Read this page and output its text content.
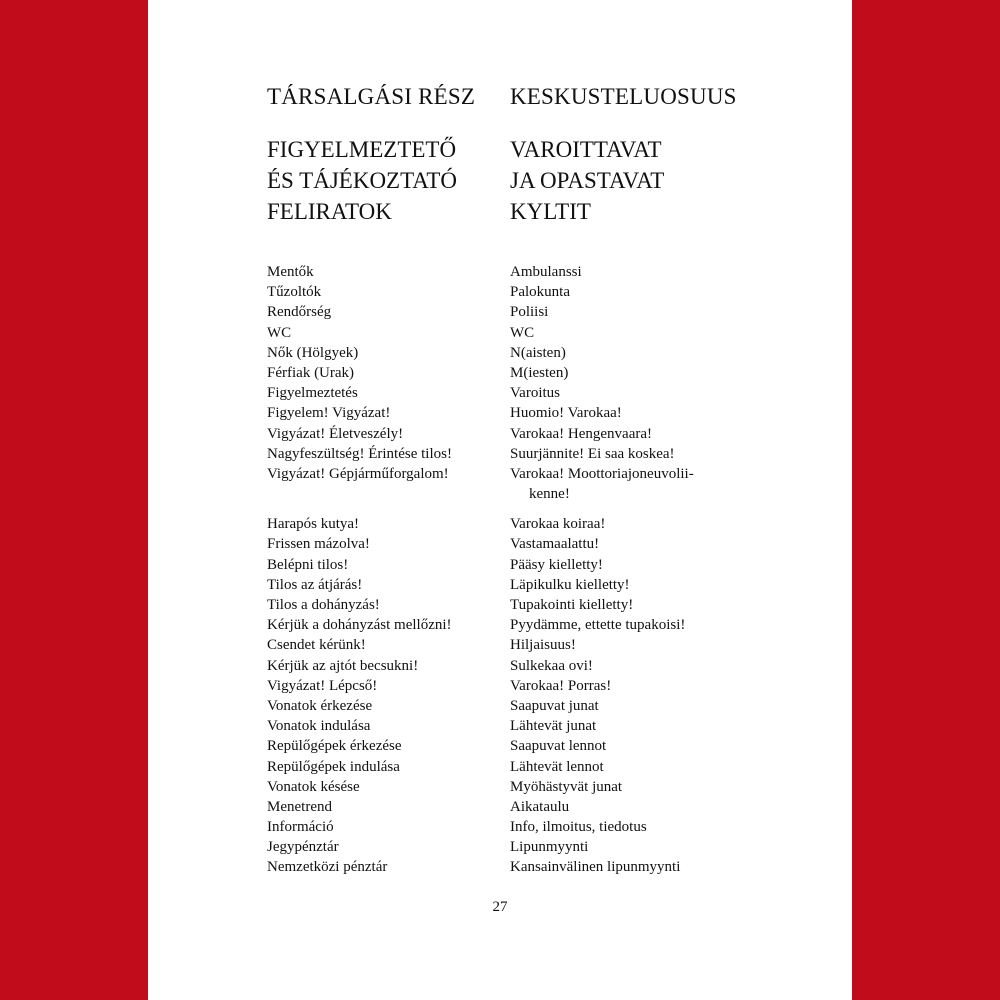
TÁRSALGÁSI RÉSZ KESKUSTELUOSUUS
FIGYELMEZTETŐ
ÉS TÁJÉKOZTATÓ
FELIRATOK
VAROITTAVAT
JA OPASTAVAT
KYLTIT
Mentők	Ambulanssi
Tűzoltók	Palokunta
Rendőrség	Poliisi
WC	WC
Nők (Hölgyek)	N(aisten)
Férfiak (Urak)	M(iesten)
Figyelmeztetés	Varoitus
Figyelem! Vigyázat!	Huomio! Varokaa!
Vigyázat! Életveszély!	Varokaa! Hengenvaara!
Nagyfeszültség! Érintése tilos!	Suurjännite! Ei saa koskea!
Vigyázat! Gépjárműforgalom!	Varokaa! Moottoriajoneuvolii-
kenne!
Harapós kutya!	Varokaa koiraa!
Frissen mázolva!	Vastamaalattu!
Belépni tilos!	Pääsy kielletty!
Tilos az átjárás!	Läpikulku kielletty!
Tilos a dohányzás!	Tupakointi kielletty!
Kérjük a dohányzást mellőzni!	Pyydämme, ettette tupakoisi!
Csendet kérünk!	Hiljaisuus!
Kérjük az ajtót becsukni!	Sulkekaa ovi!
Vigyázat! Lépcső!	Varokaa! Porras!
Vonatok érkezése	Saapuvat junat
Vonatok indulása	Lähtevät junat
Repülőgépek érkezése	Saapuvat lennot
Repülőgépek indulása	Lähtevät lennot
Vonatok késése	Myöhästyvät junat
Menetrend	Aikataulu
Információ	Info, ilmoitus, tiedotus
Jegypénztár	Lipunmyynti
Nemzetközi pénztár	Kansainvälinen lipunmyynti
27
